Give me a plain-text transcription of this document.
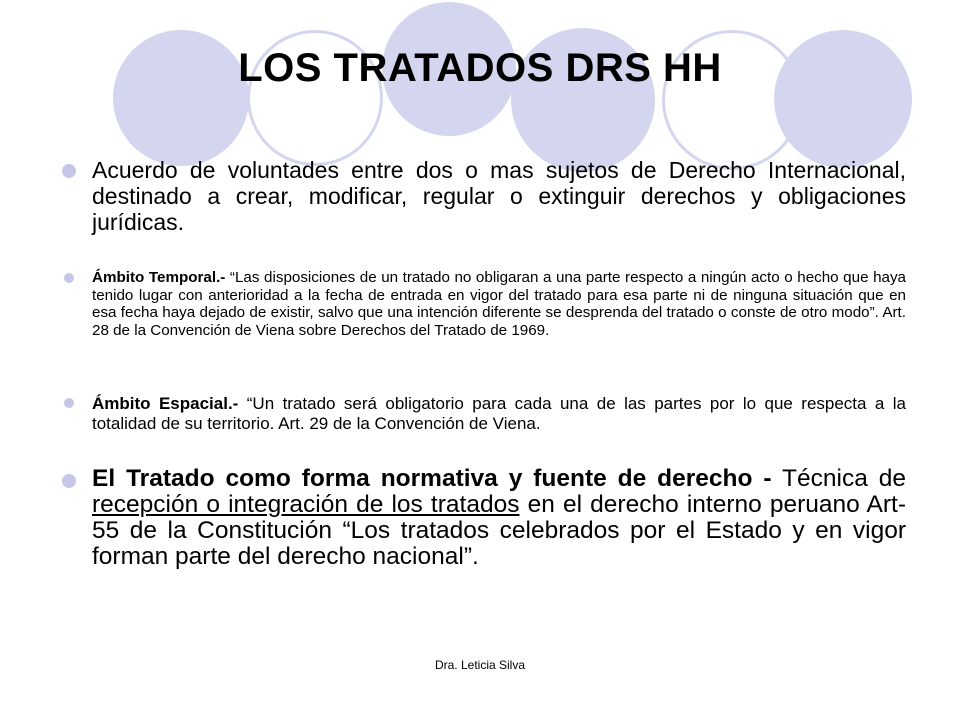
LOS TRATADOS DRS HH
Acuerdo de voluntades entre dos o mas sujetos de Derecho Internacional, destinado a crear, modificar, regular o extinguir derechos y obligaciones jurídicas.
Ámbito Temporal.- “Las disposiciones de un tratado no obligaran a una parte respecto a ningún acto o hecho que haya tenido lugar con anterioridad a la fecha de entrada en vigor del tratado para esa parte ni de ninguna situación que en esa fecha haya dejado de existir, salvo que una intención diferente se desprenda del tratado o conste de otro modo”. Art. 28 de la Convención de Viena sobre Derechos del Tratado de 1969.
Ámbito Espacial.- “Un tratado será obligatorio para cada una de las partes por lo que respecta a la totalidad de su territorio. Art. 29 de la Convención de Viena.
El Tratado como forma normativa y fuente de derecho - Técnica de recepción o integración de los tratados en el derecho interno peruano Art- 55 de la Constitución “Los tratados celebrados por el Estado y en vigor forman parte del derecho nacional”.
Dra. Leticia Silva
